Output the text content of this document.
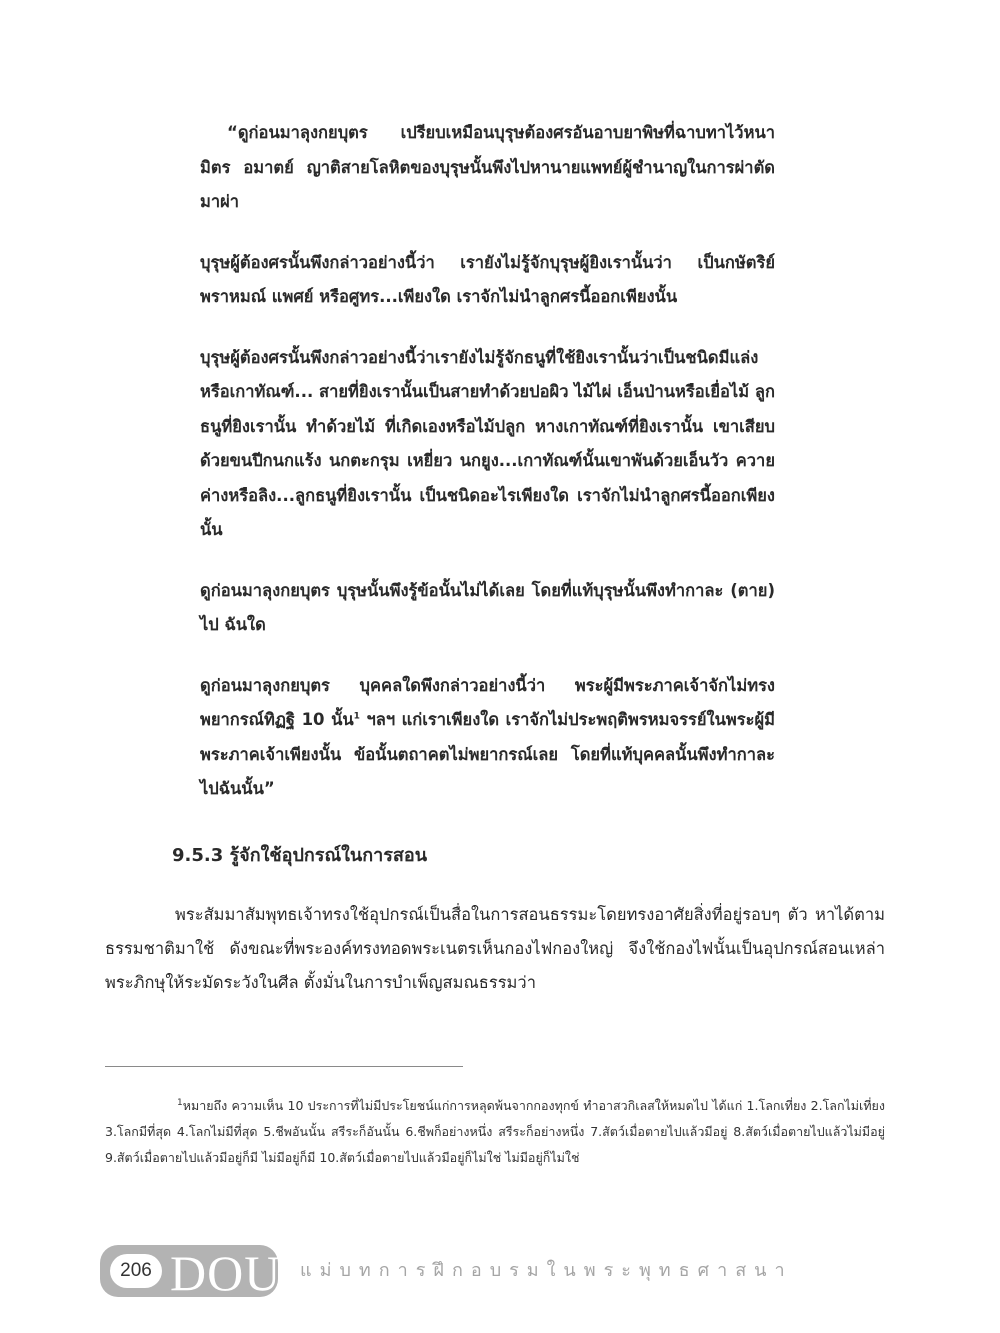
“ดูก่อนมาลุงกยบุตร เปรียบเหมือนบุรุษต้องศรอันอาบยาพิษที่ฉาบทาไว้หนา มิตร อมาตย์ ญาติสายโลหิตของบุรุษนั้นพึงไปหานายแพทย์ผู้ชำนาญในการผ่าตัดมาผ่า

บุรุษผู้ต้องศรนั้นพึงกล่าวอย่างนี้ว่า เรายังไม่รู้จักบุรุษผู้ยิงเรานั้นว่า เป็นกษัตริย์ พราหมณ์ แพศย์ หรือศูทร...เพียงใด เราจักไม่นำลูกศรนี้ออกเพียงนั้น

บุรุษผู้ต้องศรนั้นพึงกล่าวอย่างนี้ว่าเรายังไม่รู้จักธนูที่ใช้ยิงเรานั้นว่าเป็นชนิดมีแล่งหรือเกาทัณฑ์... สายที่ยิงเรานั้นเป็นสายทำด้วยปอผิว ไม้ไผ่ เอ็นป่านหรือเยื่อไม้ ลูกธนูที่ยิงเรานั้น ทำด้วยไม้ ที่เกิดเองหรือไม้ปลูก หางเกาทัณฑ์ที่ยิงเรานั้น เขาเสียบด้วยขนปีกนกแร้ง นกตะกรุม เหยี่ยว นกยูง...เกาทัณฑ์นั้นเขาพันด้วยเอ็นวัว ควาย ค่างหรือลิง...ลูกธนูที่ยิงเรานั้น เป็นชนิดอะไรเพียงใด เราจักไม่นำลูกศรนี้ออกเพียงนั้น

ดูก่อนมาลุงกยบุตร บุรุษนั้นพึงรู้ข้อนั้นไม่ได้เลย โดยที่แท้บุรุษนั้นพึงทำกาละ (ตาย) ไป ฉันใด

ดูก่อนมาลุงกยบุตร บุคคลใดพึงกล่าวอย่างนี้ว่า พระผู้มีพระภาคเจ้าจักไม่ทรงพยากรณ์ทิฏฐิ 10 นั้น$^1$ ฯลฯ แก่เราเพียงใด เราจักไม่ประพฤติพรหมจรรย์ในพระผู้มีพระภาคเจ้าเพียงนั้น ข้อนั้นตถาคตไม่พยากรณ์เลย โดยที่แท้บุคคลนั้นพึงทำกาละไปฉันนั้น”

9.5.3 รู้จักใช้อุปกรณ์ในการสอน

พระสัมมาสัมพุทธเจ้าทรงใช้อุปกรณ์เป็นสื่อในการสอนธรรมะโดยทรงอาศัยสิ่งที่อยู่รอบๆ ตัว หาได้ตามธรรมชาติมาใช้ ดังขณะที่พระองค์ทรงทอดพระเนตรเห็นกองไฟกองใหญ่ จึงใช้กองไฟนั้นเป็นอุปกรณ์สอนเหล่าพระภิกษุให้ระมัดระวังในศีล ตั้งมั่นในการบำเพ็ญสมณธรรมว่า

$^1$หมายถึง ความเห็น 10 ประการที่ไม่มีประโยชน์แก่การหลุดพ้นจากกองทุกข์ ทำอาสวกิเลสให้หมดไป ได้แก่ 1.โลกเที่ยง 2.โลกไม่เที่ยง 3.โลกมีที่สุด 4.โลกไม่มีที่สุด 5.ชีพอันนั้น สรีระก็อันนั้น 6.ชีพก็อย่างหนึ่ง สรีระก็อย่างหนึ่ง 7.สัตว์เมื่อตายไปแล้วมีอยู่ 8.สัตว์เมื่อตายไปแล้วไม่มีอยู่ 9.สัตว์เมื่อตายไปแล้วมีอยู่ก็มี ไม่มีอยู่ก็มี 10.สัตว์เมื่อตายไปแล้วมีอยู่ก็ไม่ใช่ ไม่มีอยู่ก็ไม่ใช่

206 DOU แม่บทการฝึกอบรมในพระพุทธศาสนา
